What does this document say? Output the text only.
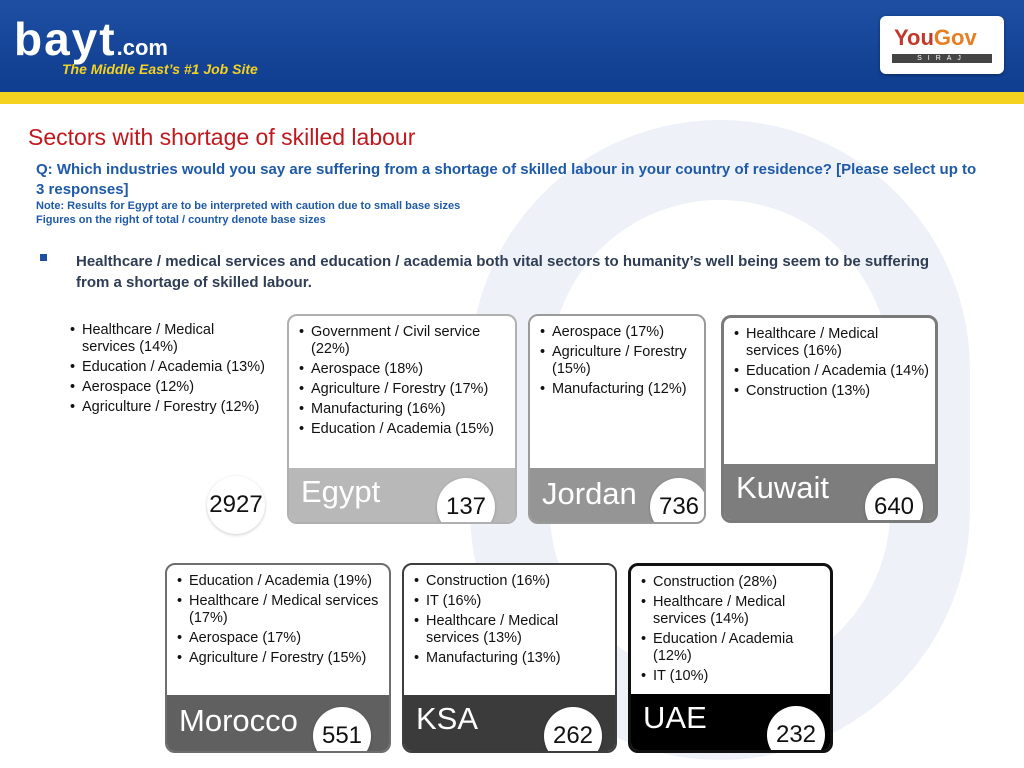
bayt.com
The Middle East’s #1 Job Site
YouGov
SIRAJ
Sectors with shortage of skilled labour
Q: Which industries would you say are suffering from a shortage of skilled labour in your country of residence? [Please select up to 3 responses]
Note: Results for Egypt are to be interpreted with caution due to small base sizes
Figures on the right of total / country denote base sizes
Healthcare / medical services and education / academia both vital sectors to humanity’s well being seem to be suffering from a shortage of skilled labour.
• Healthcare / Medical services (14%)
• Education / Academia (13%)
• Aerospace (12%)
• Agriculture / Forestry (12%)
2927
• Government / Civil service (22%)
• Aerospace (18%)
• Agriculture / Forestry (17%)
• Manufacturing (16%)
• Education / Academia (15%)
Egypt	137
• Aerospace (17%)
• Agriculture / Forestry (15%)
• Manufacturing (12%)
Jordan 736
• Healthcare / Medical services (16%)
• Education / Academia (14%)
• Construction (13%)
Kuwait
640
• Education / Academia (19%)
• Healthcare / Medical services (17%)
• Aerospace (17%)
• Agriculture / Forestry (15%)
Morocco	551
• Construction (16%)
• IT (16%)
• Healthcare / Medical services (13%)
• Manufacturing (13%)
KSA	262
• Construction (28%)
• Healthcare / Medical services (14%)
• Education / Academia (12%)
• IT (10%)
UAE	232
